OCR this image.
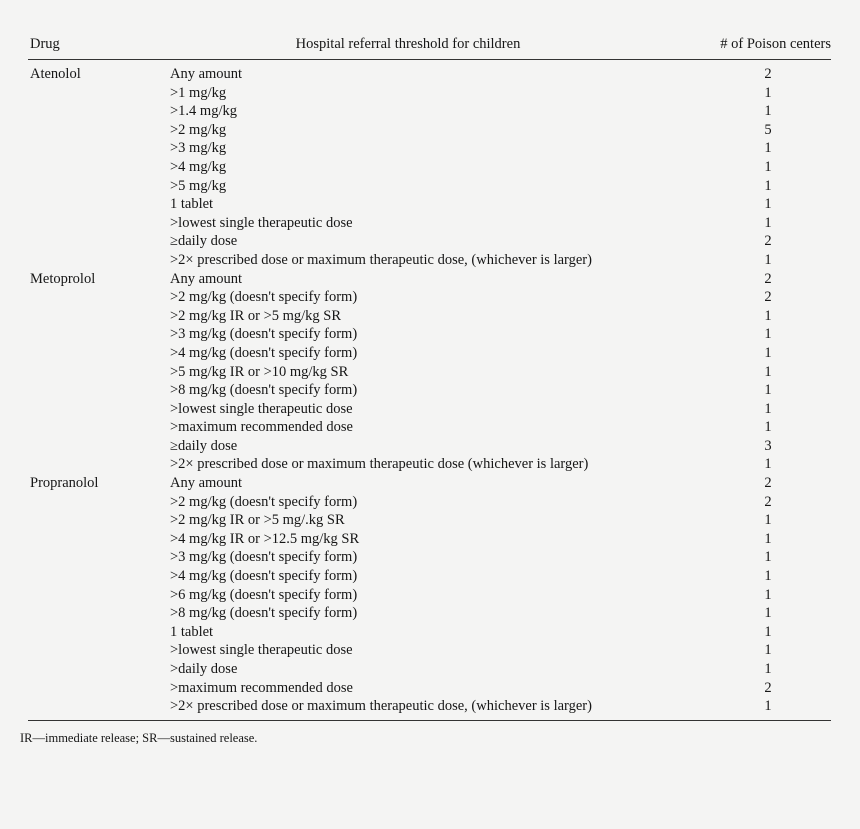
Drug	Hospital referral threshold for children	# of Poison centers
Atenolol	Any amount	2
>1 mg/kg	1
>1.4 mg/kg	1
>2 mg/kg	5
>3 mg/kg	1
>4 mg/kg	1
>5 mg/kg	1
1 tablet	1
>lowest single therapeutic dose	1
≥daily dose	2
>2× prescribed dose or maximum therapeutic dose, (whichever is larger)	1
Metoprolol	Any amount	2
>2 mg/kg (doesn't specify form)	2
>2 mg/kg IR or >5 mg/kg SR	1
>3 mg/kg (doesn't specify form)	1
>4 mg/kg (doesn't specify form)	1
>5 mg/kg IR or >10 mg/kg SR	1
>8 mg/kg (doesn't specify form)	1
>lowest single therapeutic dose	1
>maximum recommended dose	1
≥daily dose	3
>2× prescribed dose or maximum therapeutic dose (whichever is larger)	1
Propranolol	Any amount	2
>2 mg/kg (doesn't specify form)	2
>2 mg/kg IR or >5 mg/.kg SR	1
>4 mg/kg IR or >12.5 mg/kg SR	1
>3 mg/kg (doesn't specify form)	1
>4 mg/kg (doesn't specify form)	1
>6 mg/kg (doesn't specify form)	1
>8 mg/kg (doesn't specify form)	1
1 tablet	1
>lowest single therapeutic dose	1
>daily dose	1
>maximum recommended dose	2
>2× prescribed dose or maximum therapeutic dose, (whichever is larger)	1
IR—immediate release; SR—sustained release.
